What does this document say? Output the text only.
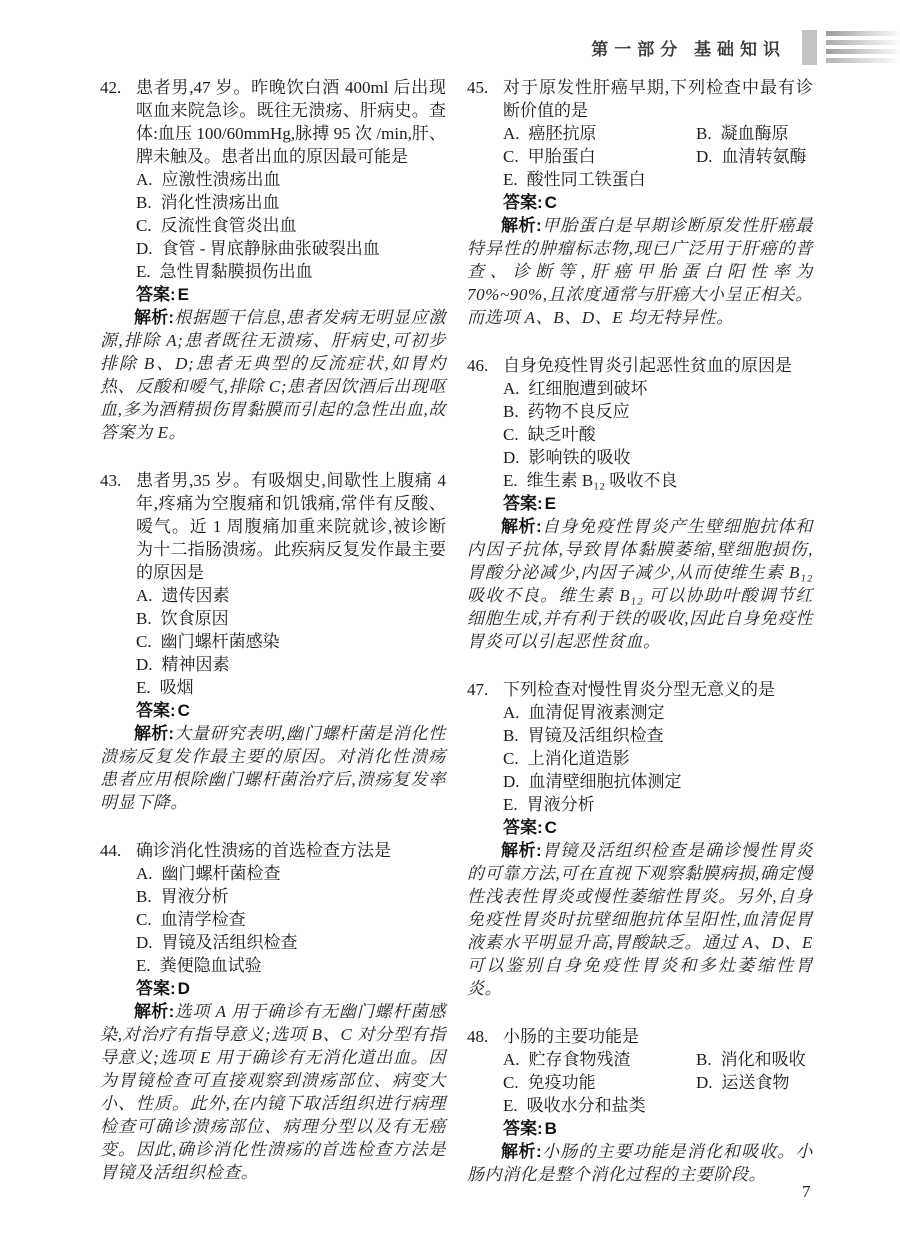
第一部分 基础知识
42. 患者男,47 岁。昨晚饮白酒 400ml 后出现呕血来院急诊。既往无溃疡、肝病史。查体:血压 100/60mmHg,脉搏 95 次 /min,肝、脾未触及。患者出血的原因最可能是
A. 应激性溃疡出血
B. 消化性溃疡出血
C. 反流性食管炎出血
D. 食管 - 胃底静脉曲张破裂出血
E. 急性胃黏膜损伤出血
答案: E

解析:根据题干信息,患者发病无明显应激源,排除 A;患者既往无溃疡、肝病史,可初步排除 B、D;患者无典型的反流症状,如胃灼热、反酸和嗳气,排除 C;患者因饮酒后出现呕血,多为酒精损伤胃黏膜而引起的急性出血,故答案为 E。

43. 患者男,35 岁。有吸烟史,间歇性上腹痛 4 年,疼痛为空腹痛和饥饿痛,常伴有反酸、嗳气。近 1 周腹痛加重来院就诊,被诊断为十二指肠溃疡。此疾病反复发作最主要的原因是
A. 遗传因素
B. 饮食原因
C. 幽门螺杆菌感染
D. 精神因素
E. 吸烟
答案: C

解析:大量研究表明,幽门螺杆菌是消化性溃疡反复发作最主要的原因。对消化性溃疡患者应用根除幽门螺杆菌治疗后,溃疡复发率明显下降。

44. 确诊消化性溃疡的首选检查方法是
A. 幽门螺杆菌检查
B. 胃液分析
C. 血清学检查
D. 胃镜及活组织检查
E. 粪便隐血试验
答案: D

解析:选项 A 用于确诊有无幽门螺杆菌感染,对治疗有指导意义;选项 B、C 对分型有指导意义;选项 E 用于确诊有无消化道出血。因为胃镜检查可直接观察到溃疡部位、病变大小、性质。此外,在内镜下取活组织进行病理检查可确诊溃疡部位、病理分型以及有无癌变。因此,确诊消化性溃疡的首选检查方法是胃镜及活组织检查。

45. 对于原发性肝癌早期,下列检查中最有诊断价值的是
A. 癌胚抗原	B. 凝血酶原
C. 甲胎蛋白	D. 血清转氨酶
E. 酸性同工铁蛋白
答案: C

解析:甲胎蛋白是早期诊断原发性肝癌最特异性的肿瘤标志物,现已广泛用于肝癌的普查、诊断等,肝癌甲胎蛋白阳性率为70%~90%,且浓度通常与肝癌大小呈正相关。而选项 A、B、D、E 均无特异性。

46. 自身免疫性胃炎引起恶性贫血的原因是
A. 红细胞遭到破坏
B. 药物不良反应
C. 缺乏叶酸
D. 影响铁的吸收
E. 维生素 B₁₂ 吸收不良
答案: E

解析:自身免疫性胃炎产生壁细胞抗体和内因子抗体,导致胃体黏膜萎缩,壁细胞损伤,胃酸分泌减少,内因子减少,从而使维生素 B₁₂ 吸收不良。维生素 B₁₂ 可以协助叶酸调节红细胞生成,并有利于铁的吸收,因此自身免疫性胃炎可以引起恶性贫血。

47. 下列检查对慢性胃炎分型无意义的是
A. 血清促胃液素测定
B. 胃镜及活组织检查
C. 上消化道造影
D. 血清壁细胞抗体测定
E. 胃液分析
答案: C

解析:胃镜及活组织检查是确诊慢性胃炎的可靠方法,可在直视下观察黏膜病损,确定慢性浅表性胃炎或慢性萎缩性胃炎。另外,自身免疫性胃炎时抗壁细胞抗体呈阳性,血清促胃液素水平明显升高,胃酸缺乏。通过 A、D、E 可以鉴别自身免疫性胃炎和多灶萎缩性胃炎。

48. 小肠的主要功能是
A. 贮存食物残渣	B. 消化和吸收
C. 免疫功能	D. 运送食物
E. 吸收水分和盐类
答案: B

解析:小肠的主要功能是消化和吸收。小肠内消化是整个消化过程的主要阶段。

7
